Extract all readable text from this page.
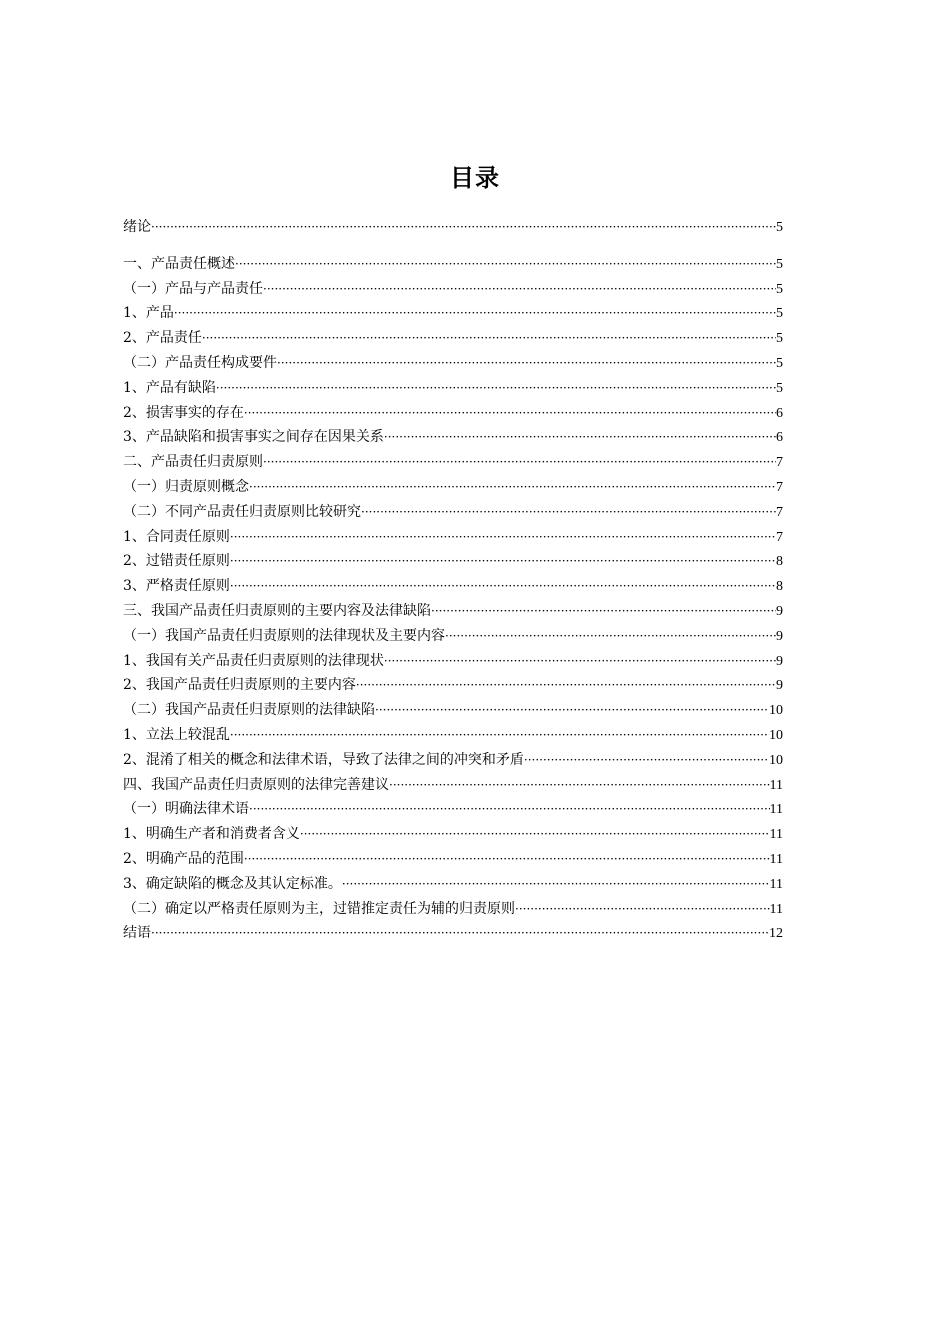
目录
绪论 ·····	5
一、产品责任概述 ·····	5
（一）产品与产品责任 ·····	5
1、产品 ·····	5
2、产品责任 ·····	5
（二）产品责任构成要件 ·····	5
1、产品有缺陷 ·····	5
2、损害事实的存在 ·····	6
3、产品缺陷和损害事实之间存在因果关系 ·····	6
二、产品责任归责原则 ·····	7
（一）归责原则概念 ·····	7
（二）不同产品责任归责原则比较研究 ·····	7
1、合同责任原则 ·····	7
2、过错责任原则 ·····	8
3、严格责任原则 ·····	8
三、我国产品责任归责原则的主要内容及法律缺陷 ·····	9
（一）我国产品责任归责原则的法律现状及主要内容 ·····	9
1、我国有关产品责任归责原则的法律现状 ·····	9
2、我国产品责任归责原则的主要内容 ·····	9
（二）我国产品责任归责原则的法律缺陷 ·····	10
1、立法上较混乱 ·····	10
2、混淆了相关的概念和法律术语，导致了法律之间的冲突和矛盾 ·····	10
四、我国产品责任归责原则的法律完善建议 ·····	11
（一）明确法律术语 ·····	11
1、明确生产者和消费者含义 ·····	11
2、明确产品的范围 ·····	11
3、确定缺陷的概念及其认定标准。 ·····	11
（二）确定以严格责任原则为主，过错推定责任为辅的归责原则 ·····	11
结语 ·····	12
